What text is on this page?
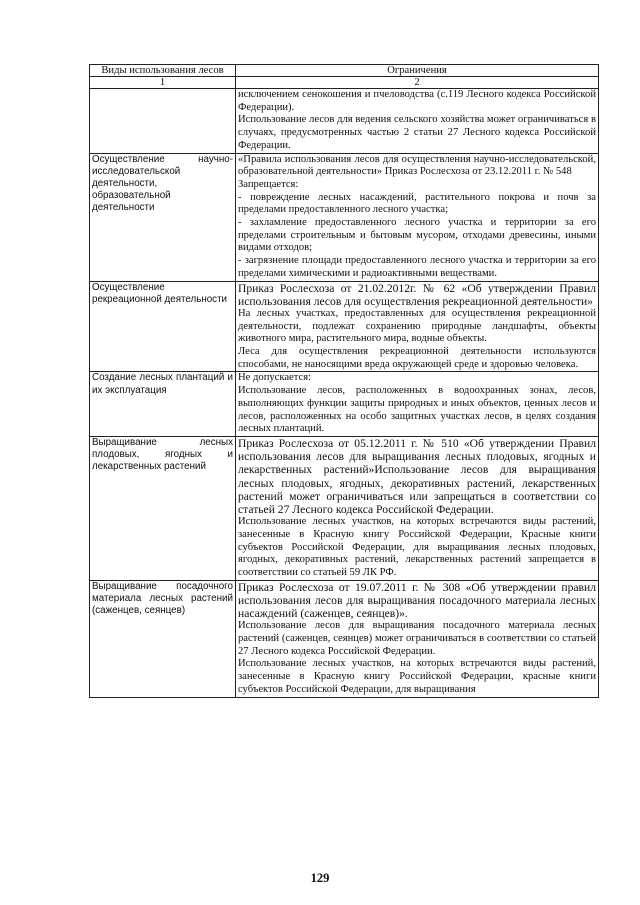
Виды использования лесов	Ограничения
1	2

	исключением сенокошения и пчеловодства (с.119 Лесного кодекса Российской Федерации).

Использование лесов для ведения сельского хозяйства может ограничиваться в случаях, предусмотренных частью 2 статьи 27 Лесного кодекса Российской Федерации.

Осуществление научно-исследовательской деятельности, образовательной деятельности	«Правила использования лесов для осуществления научно-исследовательской, образовательной деятельности» Приказ Рослесхоза от 23.12.2011 г. № 548

Запрещается:

- повреждение лесных насаждений, растительного покрова и почв за пределами предоставленного лесного участка;

- захламление предоставленного лесного участка и территории за его пределами строительным и бытовым мусором, отходами древесины, иными видами отходов;

- загрязнение площади предоставленного лесного участка и территории за его пределами химическими и радиоактивными веществами.

Осуществление рекреационной деятельности	Приказ Рослесхоза от 21.02.2012г. № 62 «Об утверждении Правил использования лесов для осуществления рекреационной деятельности»

На лесных участках, предоставленных для осуществления рекреационной деятельности, подлежат сохранению природные ландшафты, объекты животного мира, растительного мира, водные объекты.

Леса для осуществления рекреационной деятельности используются способами, не наносящими вреда окружающей среде и здоровью человека.

Создание лесных плантаций и их эксплуатация	Не допускается:

Использование лесов, расположенных в водоохранных зонах, лесов, выполняющих функции защиты природных и иных объектов, ценных лесов и лесов, расположенных на особо защитных участках лесов, в целях создания лесных плантаций.

Выращивание лесных плодовых, ягодных и лекарственных растений	Приказ Рослесхоза от 05.12.2011 г. № 510 «Об утверждении Правил использования лесов для выращивания лесных плодовых, ягодных и лекарственных растений»Использование лесов для выращивания лесных плодовых, ягодных, декоративных растений, лекарственных растений может ограничиваться или запрещаться в соответствии со статьей 27 Лесного кодекса Российской Федерации.

Использование лесных участков, на которых встречаются виды растений, занесенные в Красную книгу Российской Федерации, Красные книги субъектов Российской Федерации, для выращивания лесных плодовых, ягодных, декоративных растений, лекарственных растений запрещается в соответствии со статьей 59 ЛК РФ.

Выращивание посадочного материала лесных растений (саженцев, сеянцев)	Приказ Рослесхоза от 19.07.2011 г. № 308 «Об утверждении правил использования лесов для выращивания посадочного материала лесных насаждений (саженцев, сеянцев)».

Использование лесов для выращивания посадочного материала лесных растений (саженцев, сеянцев) может ограничиваться в соответствии со статьей 27 Лесного кодекса Российской Федерации.

Использование лесных участков, на которых встречаются виды растений, занесенные в Красную книгу Российской Федерации, красные книги субъектов Российской Федерации, для выращивания

129
